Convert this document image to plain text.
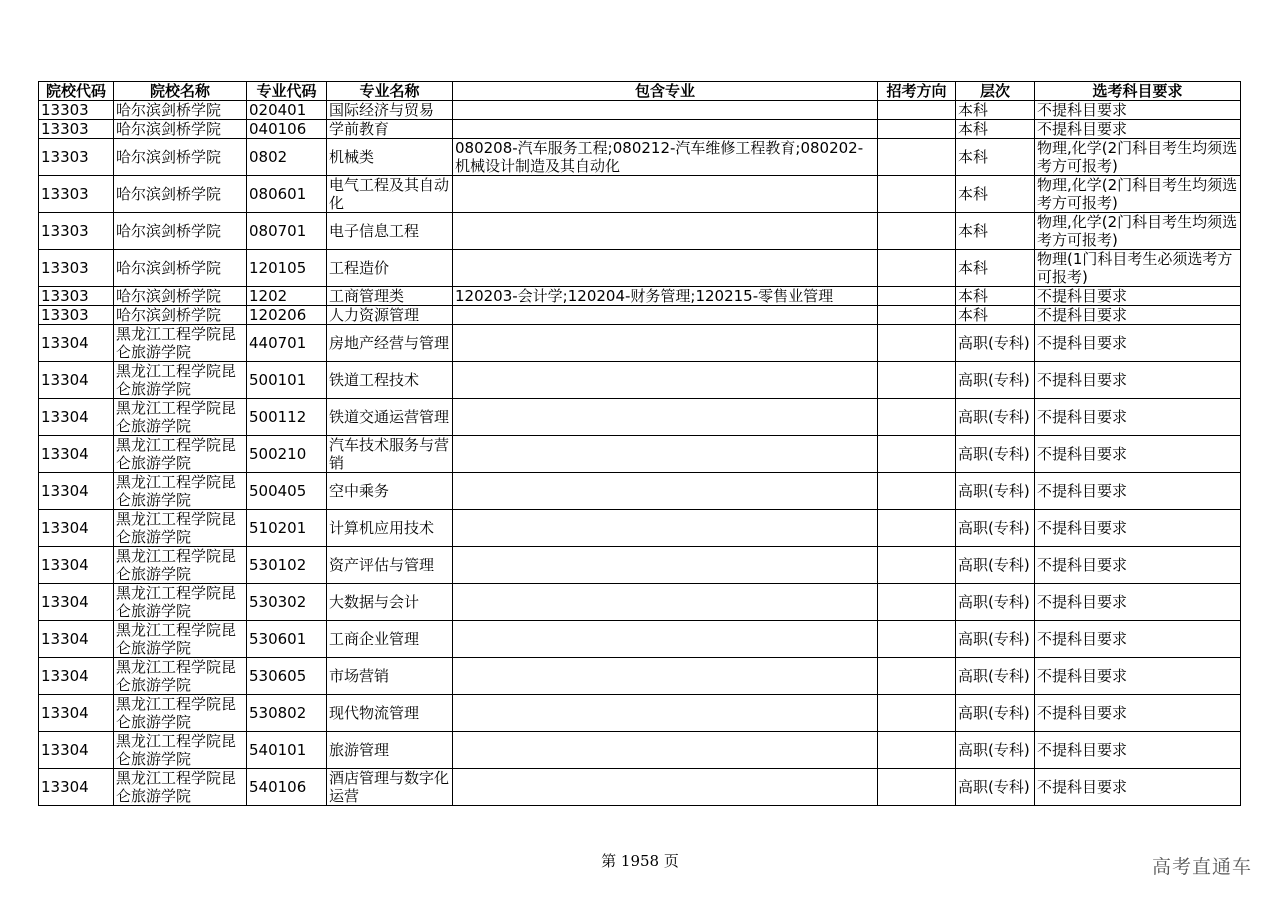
院校代码	院校名称	专业代码	专业名称	包含专业	招考方向	层次	选考科目要求
13303	哈尔滨剑桥学院	020401	国际经济与贸易			本科	不提科目要求
13303	哈尔滨剑桥学院	040106	学前教育			本科	不提科目要求
13303	哈尔滨剑桥学院	0802	机械类	080208-汽车服务工程;080212-汽车维修工程教育;080202-机械设计制造及其自动化		本科	物理,化学(2门科目考生均须选考方可报考)
13303	哈尔滨剑桥学院	080601	电气工程及其自动化			本科	物理,化学(2门科目考生均须选考方可报考)
13303	哈尔滨剑桥学院	080701	电子信息工程			本科	物理,化学(2门科目考生均须选考方可报考)
13303	哈尔滨剑桥学院	120105	工程造价			本科	物理(1门科目考生必须选考方可报考)
13303	哈尔滨剑桥学院	1202	工商管理类	120203-会计学;120204-财务管理;120215-零售业管理		本科	不提科目要求
13303	哈尔滨剑桥学院	120206	人力资源管理			本科	不提科目要求
13304	黑龙江工程学院昆仑旅游学院	440701	房地产经营与管理			高职(专科)	不提科目要求
13304	黑龙江工程学院昆仑旅游学院	500101	铁道工程技术			高职(专科)	不提科目要求
13304	黑龙江工程学院昆仑旅游学院	500112	铁道交通运营管理			高职(专科)	不提科目要求
13304	黑龙江工程学院昆仑旅游学院	500210	汽车技术服务与营销			高职(专科)	不提科目要求
13304	黑龙江工程学院昆仑旅游学院	500405	空中乘务			高职(专科)	不提科目要求
13304	黑龙江工程学院昆仑旅游学院	510201	计算机应用技术			高职(专科)	不提科目要求
13304	黑龙江工程学院昆仑旅游学院	530102	资产评估与管理			高职(专科)	不提科目要求
13304	黑龙江工程学院昆仑旅游学院	530302	大数据与会计			高职(专科)	不提科目要求
13304	黑龙江工程学院昆仑旅游学院	530601	工商企业管理			高职(专科)	不提科目要求
13304	黑龙江工程学院昆仑旅游学院	530605	市场营销			高职(专科)	不提科目要求
13304	黑龙江工程学院昆仑旅游学院	530802	现代物流管理			高职(专科)	不提科目要求
13304	黑龙江工程学院昆仑旅游学院	540101	旅游管理			高职(专科)	不提科目要求
13304	黑龙江工程学院昆仑旅游学院	540106	酒店管理与数字化运营			高职(专科)	不提科目要求
第 1958 页	高考直通车
